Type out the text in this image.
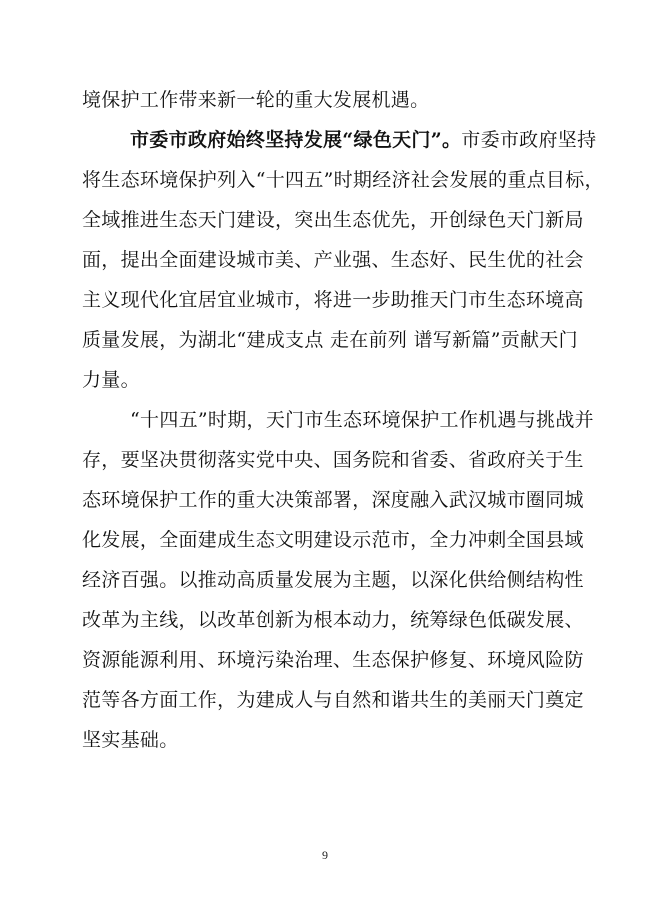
境保护工作带来新一轮的重大发展机遇。
市委市政府始终坚持发展“绿色天门”。市委市政府坚持
将生态环境保护列入“十四五”时期经济社会发展的重点目标，
全域推进生态天门建设，突出生态优先，开创绿色天门新局
面，提出全面建设城市美、产业强、生态好、民生优的社会
主义现代化宜居宜业城市，将进一步助推天门市生态环境高
质量发展，为湖北“建成支点 走在前列 谱写新篇”贡献天门
力量。
“十四五”时期，天门市生态环境保护工作机遇与挑战并
存，要坚决贯彻落实党中央、国务院和省委、省政府关于生
态环境保护工作的重大决策部署，深度融入武汉城市圈同城
化发展，全面建成生态文明建设示范市，全力冲刺全国县域
经济百强。以推动高质量发展为主题，以深化供给侧结构性
改革为主线，以改革创新为根本动力，统筹绿色低碳发展、
资源能源利用、环境污染治理、生态保护修复、环境风险防
范等各方面工作，为建成人与自然和谐共生的美丽天门奠定
坚实基础。
9
